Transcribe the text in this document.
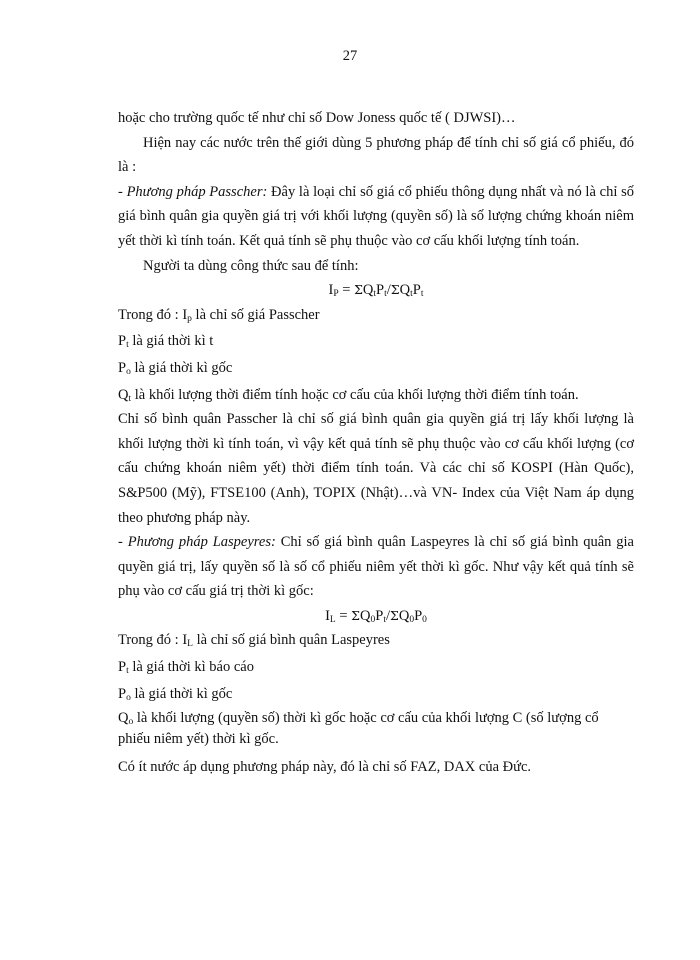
27

hoặc cho trường quốc tế như chỉ số Dow Joness quốc tế ( DJWSI)…

Hiện nay các nước trên thế giới dùng 5 phương pháp để tính chỉ số giá cổ phiếu, đó là :

- Phương pháp Passcher: Đây là loại chỉ số giá cổ phiếu thông dụng nhất và nó là chỉ số giá bình quân gia quyền giá trị với khối lượng (quyền số) là số lượng chứng khoán niêm yết thời kì tính toán. Kết quả tính sẽ phụ thuộc vào cơ cấu khối lượng tính toán.

Người ta dùng công thức sau để tính:

$I_P = \Sigma Q_tP_t/\Sigma Q_tP_t$

Trong đó : $I_p$ là chỉ số giá Passcher

$P_t$ là giá thời kì t

$P_o$ là giá thời kì gốc

$Q_t$ là khối lượng thời điểm tính hoặc cơ cấu của khối lượng thời điểm tính toán.

Chỉ số bình quân Passcher là chỉ số giá bình quân gia quyền giá trị lấy khối lượng là khối lượng thời kì tính toán, vì vậy kết quả tính sẽ phụ thuộc vào cơ cấu khối lượng (cơ cấu chứng khoán niêm yết) thời điểm tính toán. Và các chỉ số KOSPI (Hàn Quốc), S&P500 (Mỹ), FTSE100 (Anh), TOPIX (Nhật)…và VN- Index của Việt Nam áp dụng theo phương pháp này.

- Phương pháp Laspeyres: Chỉ số giá bình quân Laspeyres là chỉ số giá bình quân gia quyền giá trị, lấy quyền số là số cổ phiếu niêm yết thời kì gốc. Như vậy kết quả tính sẽ phụ vào cơ cấu giá trị thời kì gốc:

$I_L = \Sigma Q_0P_t/\Sigma Q_0P_0$

Trong đó : $I_L$ là chỉ số giá bình quân Laspeyres

$P_t$ là giá thời kì báo cáo

$P_o$ là giá thời kì gốc

$Q_o$ là khối lượng (quyền số) thời kì gốc hoặc cơ cấu của khối lượng C (số lượng cổ phiếu niêm yết) thời kì gốc.

Có ít nước áp dụng phương pháp này, đó là chỉ số FAZ, DAX của Đức.
